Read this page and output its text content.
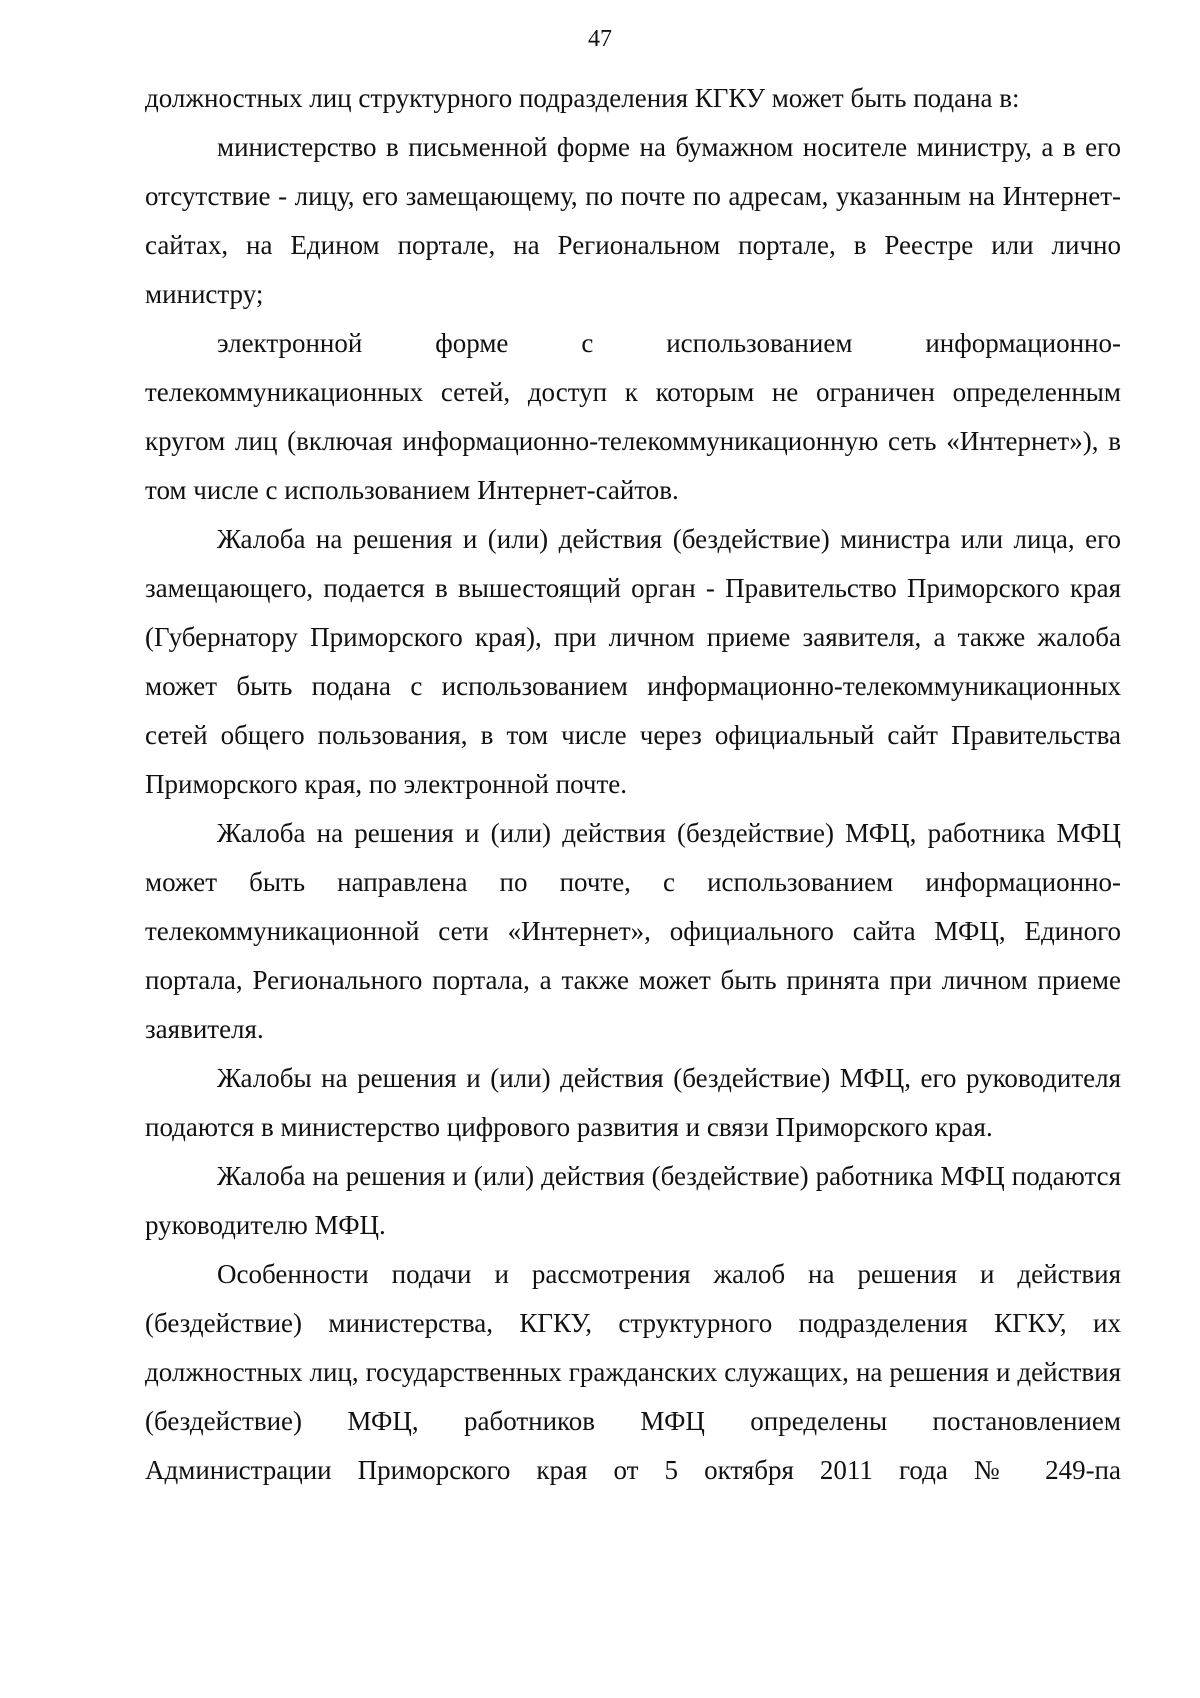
47

должностных лиц структурного подразделения КГКУ может быть подана в:

министерство в письменной форме на бумажном носителе министру, а в его отсутствие - лицу, его замещающему, по почте по адресам, указанным на Интернет-сайтах, на Едином портале, на Региональном портале, в Реестре или лично министру;

электронной форме с использованием информационно-телекоммуникационных сетей, доступ к которым не ограничен определенным кругом лиц (включая информационно-телекоммуникационную сеть «Интернет»), в том числе с использованием Интернет-сайтов.

Жалоба на решения и (или) действия (бездействие) министра или лица, его замещающего, подается в вышестоящий орган - Правительство Приморского края (Губернатору Приморского края), при личном приеме заявителя, а также жалоба может быть подана с использованием информационно-телекоммуникационных сетей общего пользования, в том числе через официальный сайт Правительства Приморского края, по электронной почте.

Жалоба на решения и (или) действия (бездействие) МФЦ, работника МФЦ может быть направлена по почте, с использованием информационно-телекоммуникационной сети «Интернет», официального сайта МФЦ, Единого портала, Регионального портала, а также может быть принята при личном приеме заявителя.

Жалобы на решения и (или) действия (бездействие) МФЦ, его руководителя подаются в министерство цифрового развития и связи Приморского края.

Жалоба на решения и (или) действия (бездействие) работника МФЦ подаются руководителю МФЦ.

Особенности подачи и рассмотрения жалоб на решения и действия (бездействие) министерства, КГКУ, структурного подразделения КГКУ, их должностных лиц, государственных гражданских служащих, на решения и действия (бездействие) МФЦ, работников МФЦ определены постановлением Администрации Приморского края от 5 октября 2011 года № 249-па
